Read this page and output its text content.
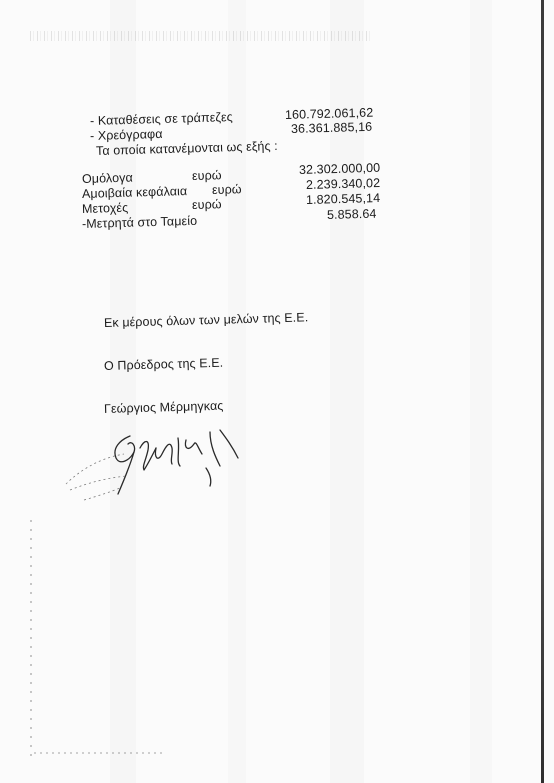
- Καταθέσεις σε τράπεζες	160.792.061,62
- Χρεόγραφα	36.361.885,16
Τα οποία κατανέμονται ως εξής :
Ομόλογα	ευρώ	32.302.000,00
Αμοιβαία κεφάλαια ευρώ	2.239.340,02
Μετοχές	ευρώ	1.820.545,14
-Μετρητά στο Ταμείο	5.858.64
Εκ μέρους όλων των μελών της Ε.Ε.
Ο Πρόεδρος της Ε.Ε.
Γεώργιος Μέρμηγκας
